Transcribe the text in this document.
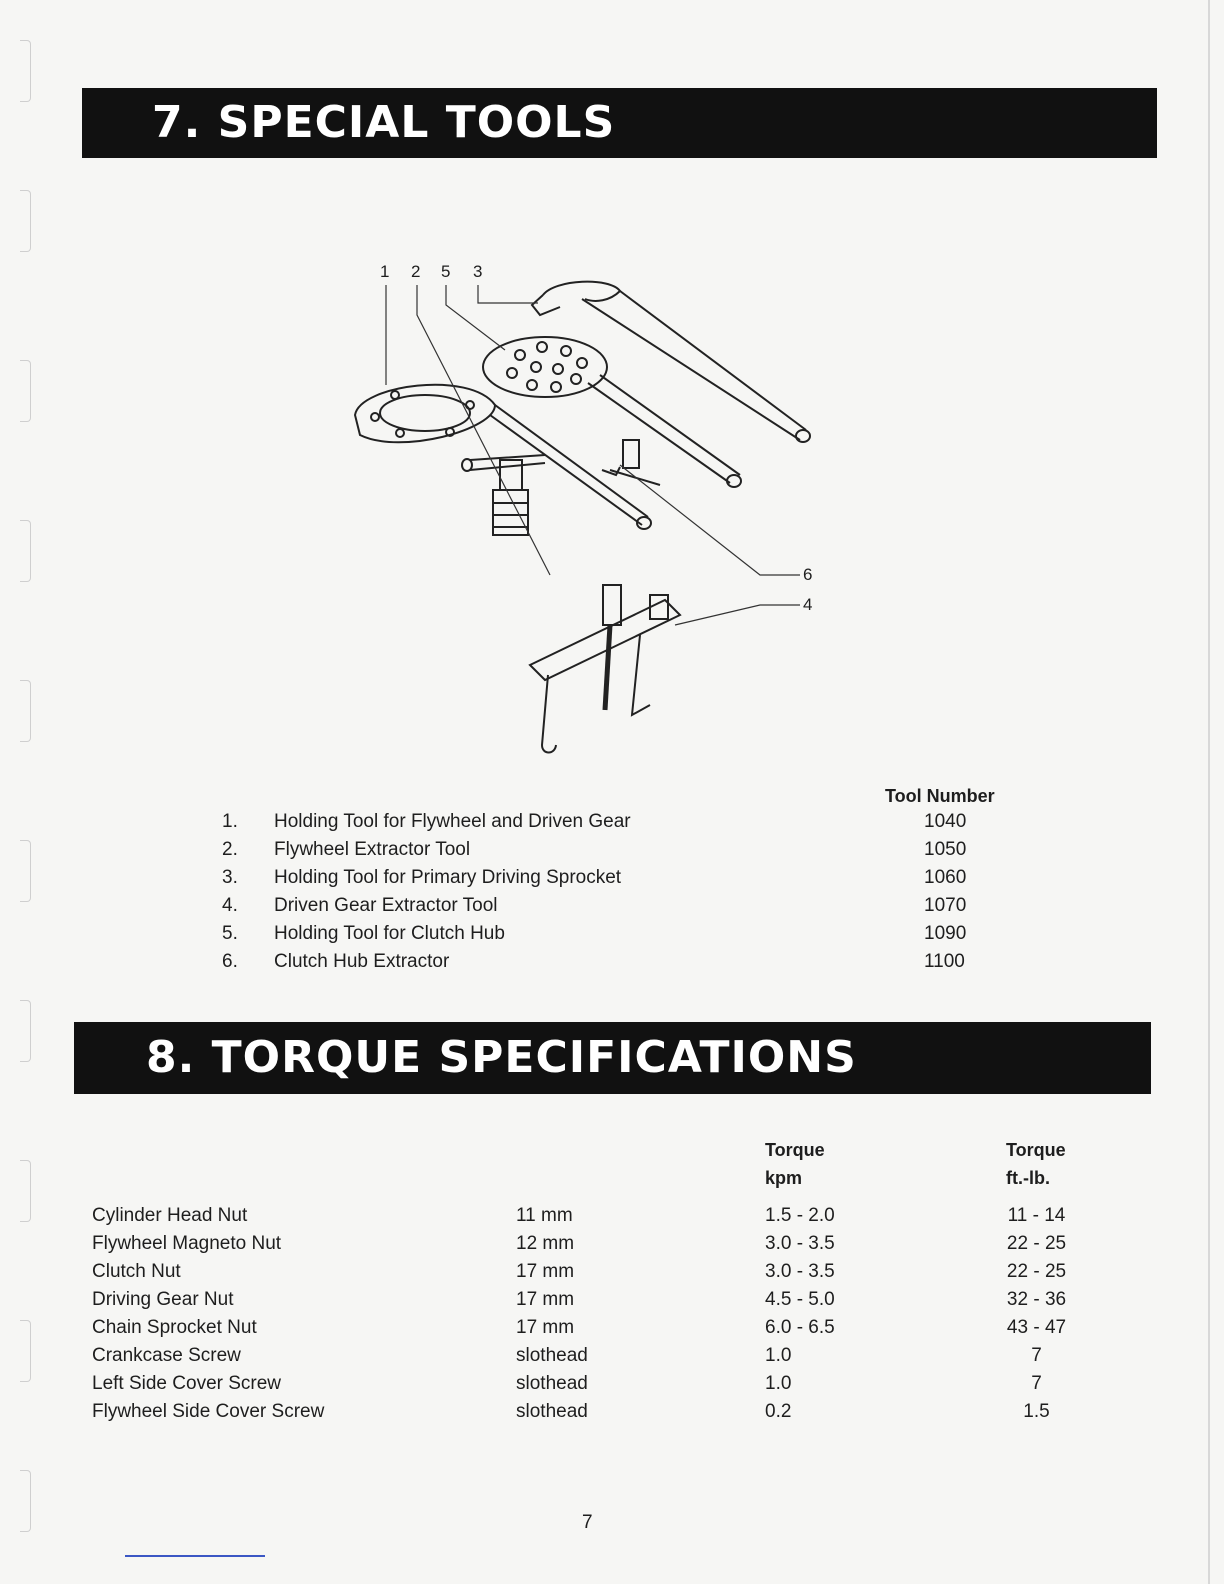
7. SPECIAL TOOLS
1 2 5 3
6
4
Tool Number
1. Holding Tool for Flywheel and Driven Gear	1040
2. Flywheel Extractor Tool	1050
3. Holding Tool for Primary Driving Sprocket	1060
4. Driven Gear Extractor Tool	1070
5. Holding Tool for Clutch Hub	1090
6. Clutch Hub Extractor	1100
8. TORQUE SPECIFICATIONS
Torque
kpm
Torque
ft.-lb.
Cylinder Head Nut	11 mm	1.5 - 2.0	11 - 14
Flywheel Magneto Nut	12 mm	3.0 - 3.5	22 - 25
Clutch Nut	17 mm	3.0 - 3.5	22 - 25
Driving Gear Nut	17 mm	4.5 - 5.0	32 - 36
Chain Sprocket Nut	17 mm	6.0 - 6.5	43 - 47
Crankcase Screw	slothead	1.0	7
Left Side Cover Screw	slothead	1.0	7
Flywheel Side Cover Screw	slothead	0.2	1.5
7
